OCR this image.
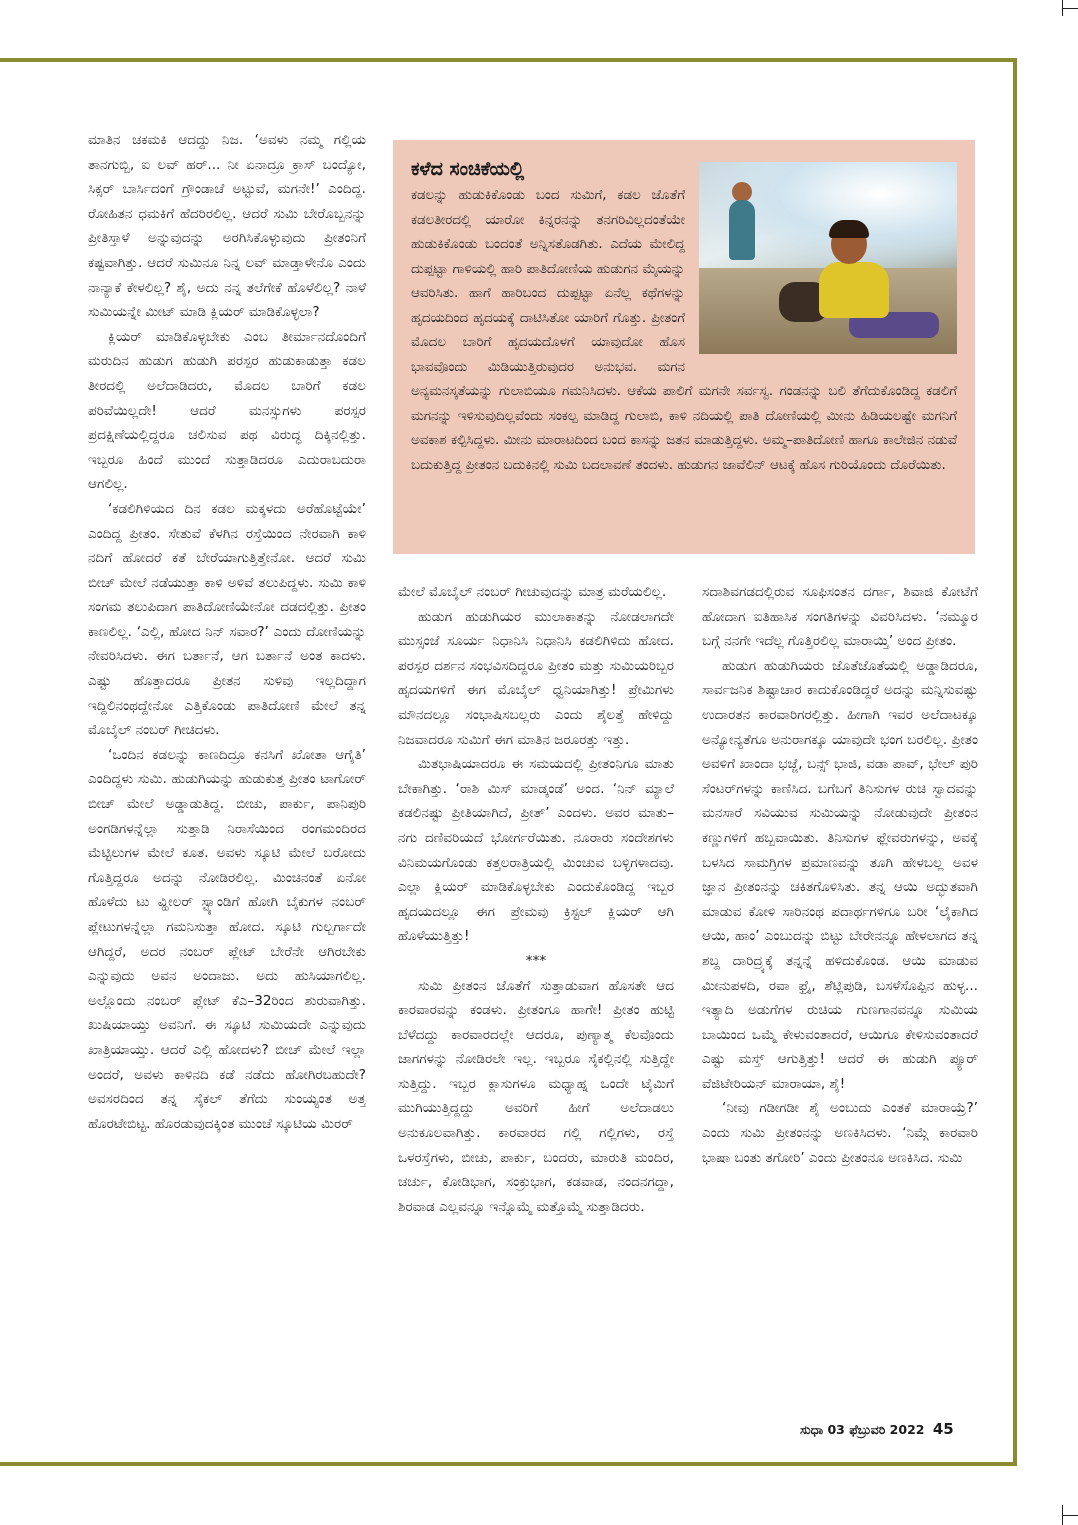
ಮಾತಿನ ಚಕಮಕಿ ಆದದ್ದು ನಿಜ. ‘ಅವಳು ನಮ್ಮ ಗಲ್ಲಿಯ ತಾನಗುಬ್ಬಿ, ಐ ಲವ್ ಹರ್... ನೀ ಏನಾದ್ರೂ ಕ್ರಾಸ್ ಬಂದ್ಯೋ, ಸಿಕ್ಸರ್ ಬಾರ್ಸಿದಂಗೆ ಗ್ರೌಂಡಾಚೆ ಅಟ್ಟುವೆ, ಮಗನೇ!’ ಎಂದಿದ್ದ. ರೋಹಿತನ ಧಮಕಿಗೆ ಹೆದರಿರಲಿಲ್ಲ. ಆದರೆ ಸುಮಿ ಬೇರೊಬ್ಬನನ್ನು ಪ್ರೀತಿಸ್ತಾಳೆ ಅನ್ನುವುದನ್ನು ಅರಗಿಸಿಕೊಳ್ಳುವುದು ಪ್ರೀತಂನಿಗೆ ಕಷ್ಟವಾಗಿತ್ತು. ಆದರೆ ಸುಮಿನೂ ನಿನ್ನ ಲವ್ ಮಾಡ್ತಾಳೇನೊ ಎಂದು ನಾನ್ಯಾಕೆ ಕೇಳಲಿಲ್ಲ? ಶೈ, ಅದು ನನ್ನ ತಲೆಗೇಕೆ ಹೊಳೆಲಿಲ್ಲ? ನಾಳೆ ಸುಮಿಯನ್ನೇ ಮೀಟ್ ಮಾಡಿ ಕ್ಲಿಯರ್ ಮಾಡಿಕೊಳ್ಳಲಾ?

ಕ್ಲಿಯರ್ ಮಾಡಿಕೊಳ್ಳಬೇಕು ಎಂಬ ತೀರ್ಮಾನದೊಂದಿಗೆ ಮರುದಿನ ಹುಡುಗ ಹುಡುಗಿ ಪರಸ್ಪರ ಹುಡುಕಾಡುತ್ತಾ ಕಡಲ ತೀರದಲ್ಲಿ ಅಲೆದಾಡಿದರು, ಮೊದಲ ಬಾರಿಗೆ ಕಡಲ ಪರಿವೆಯಿಲ್ಲದೇ! ಆದರೆ ಮನಸ್ಸುಗಳು ಪರಸ್ಪರ ಪ್ರದಕ್ಷಿಣೆಯಲ್ಲಿದ್ದರೂ ಚಲಿಸುವ ಪಥ ವಿರುದ್ಧ ದಿಕ್ಕಿನಲ್ಲಿತ್ತು. ಇಬ್ಬರೂ ಹಿಂದೆ ಮುಂದೆ ಸುತ್ತಾಡಿದರೂ ಎದುರಾಬದುರಾ ಆಗಲಿಲ್ಲ.

‘ಕಡಲಿಗಿಳಿಯದ ದಿನ ಕಡಲ ಮಕ್ಕಳದು ಅರೆಹೊಟ್ಟೆಯೇ’ ಎಂದಿದ್ದ ಪ್ರೀತಂ. ಸೇತುವೆ ಕೆಳಗಿನ ರಸ್ತೆಯಿಂದ ನೇರವಾಗಿ ಕಾಳಿ ನದಿಗೆ ಹೋದರೆ ಕತೆ ಬೇರೆಯಾಗುತ್ತಿತ್ತೇನೋ. ಆದರೆ ಸುಮಿ ಬೀಚ್ ಮೇಲೆ ನಡೆಯುತ್ತಾ ಕಾಳಿ ಅಳಿವೆ ತಲುಪಿದ್ದಳು. ಸುಮಿ ಕಾಳಿ ಸಂಗಮ ತಲುಪಿದಾಗ ಪಾತಿದೋಣಿಯೇನೋ ದಡದಲ್ಲಿತ್ತು. ಪ್ರೀತಂ ಕಾಣಲಿಲ್ಲ. ‘ಎಲ್ಲಿ, ಹೋದ ನಿನ್ ಸವಾರ?’ ಎಂದು ದೋಣಿಯನ್ನು ನೇವರಿಸಿದಳು. ಈಗ ಬರ್ತಾನೆ, ಆಗ ಬರ್ತಾನೆ ಅಂತ ಕಾದಳು. ಎಷ್ಟು ಹೊತ್ತಾದರೂ ಪ್ರೀತನ ಸುಳಿವು ಇಲ್ಲದಿದ್ದಾಗ ಇದ್ದಿಲಿನಂಥದ್ದೇನೋ ಎತ್ತಿಕೊಂಡು ಪಾತಿದೋಣಿ ಮೇಲೆ ತನ್ನ ಮೊಬೈಲ್ ನಂಬರ್ ಗೀಚಿದಳು.

‘ಒಂದಿನ ಕಡಲನ್ನು ಕಾಣದಿದ್ರೂ ಕನಸಿಗೆ ಖೋತಾ ಆಗೈತಿ’ ಎಂದಿದ್ದಳು ಸುಮಿ. ಹುಡುಗಿಯನ್ನು ಹುಡುಕುತ್ತ ಪ್ರೀತಂ ಟಾಗೋರ್ ಬೀಚ್ ಮೇಲೆ ಅಡ್ಡಾಡುತಿದ್ದ. ಬೀಚು, ಪಾರ್ಕು, ಪಾನಿಪುರಿ ಅಂಗಡಿಗಳನ್ನೆಲ್ಲಾ ಸುತ್ತಾಡಿ ನಿರಾಸೆಯಿಂದ ರಂಗಮಂದಿರದ ಮೆಟ್ಟಿಲುಗಳ ಮೇಲೆ ಕೂತ. ಅವಳು ಸ್ಕೂಟಿ ಮೇಲೆ ಬರೋದು ಗೊತ್ತಿದ್ದರೂ ಅದನ್ನು ನೋಡಿರಲಿಲ್ಲ. ಮಿಂಚಿನಂತೆ ಏನೋ ಹೊಳೆದು ಟು ವ್ಹೀಲರ್ ಸ್ಟ್ಯಾಂಡಿಗೆ ಹೋಗಿ ಬೈಕುಗಳ ನಂಬರ್ ಪ್ಲೇಟುಗಳನ್ನೆಲ್ಲಾ ಗಮನಿಸುತ್ತಾ ಹೋದ. ಸ್ಕೂಟಿ ಗುಲ್ಬರ್ಗಾದೇ ಆಗಿದ್ದರೆ, ಅದರ ನಂಬರ್ ಪ್ಲೇಟ್ ಬೇರೆನೇ ಆಗಿರಬೇಕು ಎನ್ನುವುದು ಅವನ ಅಂದಾಜು. ಅದು ಹುಸಿಯಾಗಲಿಲ್ಲ. ಅಲ್ಲೊಂದು ನಂಬರ್ ಪ್ಲೇಟ್ ಕೆಎ–32ರಿಂದ ಶುರುವಾಗಿತ್ತು. ಖುಷಿಯಾಯ್ತು ಅವನಿಗೆ. ಈ ಸ್ಕೂಟಿ ಸುಮಿಯದೇ ಎನ್ನುವುದು ಖಾತ್ರಿಯಾಯ್ತು. ಆದರೆ ಎಲ್ಲಿ ಹೋದಳು? ಬೀಚ್ ಮೇಲೆ ಇಲ್ಲಾ ಅಂದರೆ, ಅವಳು ಕಾಳಿನದಿ ಕಡೆ ನಡೆದು ಹೋಗಿರಬಹುದೇ? ಅವಸರದಿಂದ ತನ್ನ ಸೈಕಲ್ ತೆಗೆದು ಸುಂಯ್ಯಂತ ಅತ್ತ ಹೊರಟೇಬಿಟ್ಟ. ಹೊರಡುವುದಕ್ಕಿಂತ ಮುಂಚೆ ಸ್ಕೂಟಿಯ ಮಿರರ್

ಕಳೆದ ಸಂಚಿಕೆಯಲ್ಲಿ
ಕಡಲನ್ನು ಹುಡುಕಿಕೊಂಡು ಬಂದ ಸುಮಿಗೆ, ಕಡಲ ಜೊತೆಗೆ ಕಡಲತೀರದಲ್ಲಿ ಯಾರೋ ಕಿನ್ನರನನ್ನು ತನಗರಿವಿಲ್ಲದಂತೆಯೇ ಹುಡುಕಿಕೊಂಡು ಬಂದಂತೆ ಅನ್ನಿಸತೊಡಗಿತು. ಎದೆಯ ಮೇಲಿದ್ದ ದುಪ್ಪಟ್ಟಾ ಗಾಳಿಯಲ್ಲಿ ಹಾರಿ ಪಾತಿದೋಣಿಯ ಹುಡುಗನ ಮೈಯನ್ನು ಆವರಿಸಿತು. ಹಾಗೆ ಹಾರಿಬಂದ ದುಪ್ಪಟ್ಟಾ ಏನೆಲ್ಲ ಕಥೆಗಳನ್ನು ಹೃದಯದಿಂದ ಹೃದಯಕ್ಕೆ ದಾಟಿಸಿತೋ ಯಾರಿಗೆ ಗೊತ್ತು. ಪ್ರೀತಂಗೆ ಮೊದಲ ಬಾರಿಗೆ ಹೃದಯದೊಳಗೆ ಯಾವುದೋ ಹೊಸ ಭಾವವೊಂದು ಮಿಡಿಯುತ್ತಿರುವುದರ ಅನುಭವ. ಮಗನ ಅನ್ಯಮನಸ್ಕತೆಯನ್ನು ಗುಲಾಬಿಯೂ ಗಮನಿಸಿದಳು. ಆಕೆಯ ಪಾಲಿಗೆ ಮಗನೇ ಸರ್ವಸ್ವ. ಗಂಡನನ್ನು ಬಲಿ ತೆಗೆದುಕೊಂಡಿದ್ದ ಕಡಲಿಗೆ ಮಗನನ್ನು ಇಳಿಸುವುದಿಲ್ಲವೆಂದು ಸಂಕಲ್ಪ ಮಾಡಿದ್ದ ಗುಲಾಬಿ, ಕಾಳಿ ನದಿಯಲ್ಲಿ ಪಾತಿ ದೋಣಿಯಲ್ಲಿ ಮೀನು ಹಿಡಿಯಲಷ್ಟೇ ಮಗನಿಗೆ ಅವಕಾಶ ಕಲ್ಪಿಸಿದ್ದಳು. ಮೀನು ಮಾರಾಟದಿಂದ ಬಂದ ಕಾಸನ್ನು ಜತನ ಮಾಡುತ್ತಿದ್ದಳು. ಅಮ್ಮ–ಪಾತಿದೋಣಿ ಹಾಗೂ ಕಾಲೇಜಿನ ನಡುವೆ ಬದುಕುತ್ತಿದ್ದ ಪ್ರೀತಂನ ಬದುಕಿನಲ್ಲಿ ಸುಮಿ ಬದಲಾವಣೆ ತಂದಳು. ಹುಡುಗನ ಜಾವೆಲಿನ್ ಆಟಕ್ಕೆ ಹೊಸ ಗುರಿಯೊಂದು ದೊರೆಯಿತು.

ಮೇಲೆ ಮೊಬೈಲ್ ನಂಬರ್ ಗೀಚುವುದನ್ನು ಮಾತ್ರ ಮರೆಯಲಿಲ್ಲ.

ಹುಡುಗ ಹುಡುಗಿಯರ ಮುಲಾಕಾತನ್ನು ನೋಡಲಾಗದೇ ಮುಸ್ಸಂಜೆ ಸೂರ್ಯ ನಿಧಾನಿಸಿ ನಿಧಾನಿಸಿ ಕಡಲಿಗಿಳಿದು ಹೋದ. ಪರಸ್ಪರ ದರ್ಶನ ಸಂಭವಿಸದಿದ್ದರೂ ಪ್ರೀತಂ ಮತ್ತು ಸುಮಿಯರಿಬ್ಬರ ಹೃದಯಗಳಿಗೆ ಈಗ ಮೊಬೈಲ್ ಧ್ವನಿಯಾಗಿತ್ತು! ಪ್ರೇಮಿಗಳು ಮೌನದಲ್ಲೂ ಸಂಭಾಷಿಸಬಲ್ಲರು ಎಂದು ಶೈಲತ್ತೆ ಹೇಳಿದ್ದು ನಿಜವಾದರೂ ಸುಮಿಗೆ ಈಗ ಮಾತಿನ ಜರೂರತ್ತು ಇತ್ತು.

ಮಿತಭಾಷಿಯಾದರೂ ಈ ಸಮಯದಲ್ಲಿ ಪ್ರೀತಂನಿಗೂ ಮಾತು ಬೇಕಾಗಿತ್ತು. ‘ರಾಶಿ ಮಿಸ್ ಮಾಡ್ಕಂಡೆ’ ಅಂದ. ‘ನಿನ್ ಮ್ಯಾಲೆ ಕಡಲಿನಷ್ಟು ಪ್ರೀತಿಯಾಗಿದೆ, ಪ್ರೀತ್’ ಎಂದಳು. ಅವರ ಮಾತು–ನಗು ದಣಿವರಿಯದೆ ಭೋರ್ಗರೆಯಿತು. ನೂರಾರು ಸಂದೇಶಗಳು ವಿನಿಮಯಗೊಂಡು ಕತ್ತಲರಾತ್ರಿಯಲ್ಲಿ ಮಿಂಚುವ ಬಳ್ಳಿಗಳಾದವು. ಎಲ್ಲಾ ಕ್ಲಿಯರ್ ಮಾಡಿಕೊಳ್ಳಬೇಕು ಎಂದುಕೊಂಡಿದ್ದ ಇಬ್ಬರ ಹೃದಯದಲ್ಲೂ ಈಗ ಪ್ರೇಮವು ಕ್ರಿಸ್ಟಲ್ ಕ್ಲಿಯರ್ ಆಗಿ ಹೊಳೆಯುತ್ತಿತ್ತು!

***

ಸುಮಿ ಪ್ರೀತಂನ ಜೊತೆಗೆ ಸುತ್ತಾಡುವಾಗ ಹೊಸತೇ ಆದ ಕಾರವಾರವನ್ನು ಕಂಡಳು. ಪ್ರೀತಂಗೂ ಹಾಗೇ! ಪ್ರೀತಂ ಹುಟ್ಟಿ ಬೆಳೆದದ್ದು ಕಾರವಾರದಲ್ಲೇ ಆದರೂ, ಪುಣ್ಯಾತ್ಮ ಕೆಲವೊಂದು ಜಾಗಗಳನ್ನು ನೋಡಿರಲೇ ಇಲ್ಲ. ಇಬ್ಬರೂ ಸೈಕಲ್ಲಿನಲ್ಲಿ ಸುತ್ತಿದ್ದೇ ಸುತ್ತಿದ್ದು. ಇಬ್ಬರ ಕ್ಲಾಸುಗಳೂ ಮಧ್ಯಾಹ್ನ ಒಂದೇ ಟೈಮಿಗೆ ಮುಗಿಯುತ್ತಿದ್ದದ್ದು ಅವರಿಗೆ ಹೀಗೆ ಅಲೆದಾಡಲು ಅನುಕೂಲವಾಗಿತ್ತು. ಕಾರವಾರದ ಗಲ್ಲಿ ಗಲ್ಲಿಗಳು, ರಸ್ತೆ ಒಳರಸ್ತೆಗಳು, ಬೀಚು, ಪಾರ್ಕು, ಬಂದರು, ಮಾರುತಿ ಮಂದಿರ, ಚರ್ಚು, ಕೋಡಿಭಾಗ, ಸಂಕ್ರುಭಾಗ, ಕಡವಾಡ, ನಂದನಗದ್ದಾ, ಶಿರವಾಡ ಎಲ್ಲವನ್ನೂ ಇನ್ನೊಮ್ಮೆ ಮತ್ತೊಮ್ಮೆ ಸುತ್ತಾಡಿದರು.

ಸದಾಶಿವಗಡದಲ್ಲಿರುವ ಸೂಫಿಸಂತನ ದರ್ಗಾ, ಶಿವಾಜಿ ಕೋಟೆಗೆ ಹೋದಾಗ ಐತಿಹಾಸಿಕ ಸಂಗತಿಗಳನ್ನು ವಿವರಿಸಿದಳು. ‘ನಮ್ಮೂರ ಬಗ್ಗೆ ನನಗೇ ಇದೆಲ್ಲ ಗೊತ್ತಿರಲಿಲ್ಲ ಮಾರಾಯ್ತಿ’ ಅಂದ ಪ್ರೀತಂ.

ಹುಡುಗ ಹುಡುಗಿಯರು ಜೊತೆಜೊತೆಯಲ್ಲಿ ಅಡ್ಡಾಡಿದರೂ, ಸಾರ್ವಜನಿಕ ಶಿಷ್ಟಾಚಾರ ಕಾದುಕೊಂಡಿದ್ದರೆ ಅದನ್ನು ಮನ್ನಿಸುವಷ್ಟು ಉದಾರತನ ಕಾರವಾರಿಗರಲ್ಲಿತ್ತು. ಹೀಗಾಗಿ ಇವರ ಅಲೆದಾಟಕ್ಕೂ ಅನ್ಯೋನ್ಯತೆಗೂ ಅನುರಾಗಕ್ಕೂ ಯಾವುದೇ ಭಂಗ ಬರಲಿಲ್ಲ. ಪ್ರೀತಂ ಅವಳಿಗೆ ಖಾಂದಾ ಭಜ್ಜೆ, ಬನ್ಸ್ ಭಾಜಿ, ವಡಾ ಪಾವ್, ಭೇಲ್ ಪುರಿ ಸೆಂಟರ್‌ಗಳನ್ನು ಕಾಣಿಸಿದ. ಬಗೆಬಗೆ ತಿನಿಸುಗಳ ರುಚಿ ಸ್ವಾದವನ್ನು ಮನಸಾರೆ ಸವಿಯುವ ಸುಮಿಯನ್ನು ನೋಡುವುದೇ ಪ್ರೀತಂನ ಕಣ್ಣುಗಳಿಗೆ ಹಬ್ಬವಾಯಿತು. ತಿನಿಸುಗಳ ಫ್ಲೇವರುಗಳನ್ನು, ಅವಕ್ಕೆ ಬಳಸಿದ ಸಾಮಗ್ರಿಗಳ ಪ್ರಮಾಣವನ್ನು ತೂಗಿ ಹೇಳಬಲ್ಲ ಅವಳ ಜ್ಞಾನ ಪ್ರೀತಂನನ್ನು ಚಕಿತಗೊಳಿಸಿತು. ತನ್ನ ಆಯಿ ಅದ್ಭುತವಾಗಿ ಮಾಡುವ ಕೋಳಿ ಸಾರಿನಂಥ ಪದಾರ್ಥಗಳಿಗೂ ಬರೀ ‘ಲೈಕಾಗಿದ ಆಯಿ, ಹಾಂ’ ಎಂಬುದನ್ನು ಬಿಟ್ಟು ಬೇರೇನನ್ನೂ ಹೇಳಲಾಗದ ತನ್ನ ಶಬ್ದ ದಾರಿದ್ರ್ಯಕ್ಕೆ ತನ್ನನ್ನೆ ಹಳಿದುಕೊಂಡ. ಆಯಿ ಮಾಡುವ ಮೀನುಪಳದಿ, ರವಾ ಫ್ರೈ, ಶೆಟ್ಲಿಪುಡಿ, ಬಸಳೆಸೊಪ್ಪಿನ ಹುಳ್ಳ... ಇತ್ಯಾದಿ ಅಡುಗೆಗಳ ರುಚಿಯ ಗುಣಗಾನವನ್ನೂ ಸುಮಿಯ ಬಾಯಿಂದ ಒಮ್ಮೆ ಕೇಳುವಂತಾದರೆ, ಆಯಿಗೂ ಕೇಳಿಸುವಂತಾದರೆ ಎಷ್ಟು ಮಸ್ತ್ ಆಗುತ್ತಿತ್ತು! ಆದರೆ ಈ ಹುಡುಗಿ ಪ್ಯೂರ್ ವೆಜಿಟೇರಿಯನ್ ಮಾರಾಯಾ, ಶೈ!

‘ನೀವು ಗಡೀಗಡೀ ಶೈ ಅಂಬುದು ಎಂತಕೆ ಮಾರಾಯ್ರೆ?’ ಎಂದು ಸುಮಿ ಪ್ರೀತಂನನ್ನು ಅಣಕಿಸಿದಳು. ‘ನಿಮ್ಗೆ ಕಾರವಾರಿ ಭಾಷಾ ಬಂತು ತಗೋರಿ’ ಎಂದು ಪ್ರೀತಂನೂ ಅಣಕಿಸಿದ. ಸುಮಿ

ಸುಧಾ 03 ಫೆಬ್ರುವರಿ 2022 45
